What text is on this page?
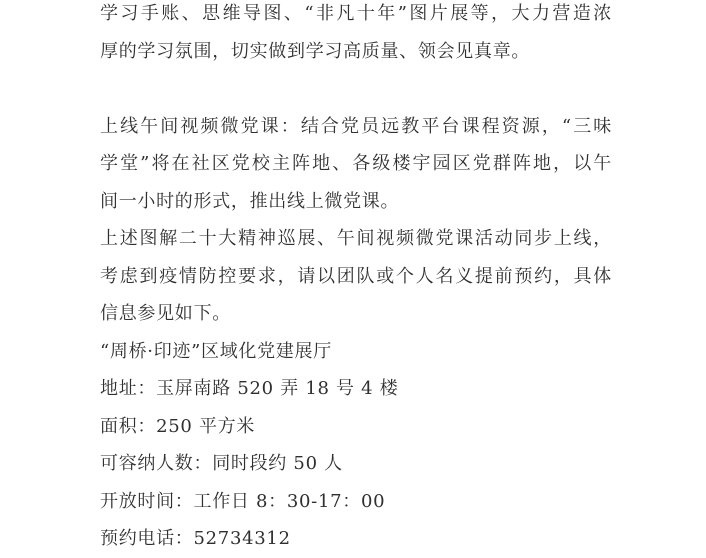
学习手账、思维导图、“非凡十年”图片展等，大力营造浓
厚的学习氛围，切实做到学习高质量、领会见真章。
上线午间视频微党课：结合党员远教平台课程资源，“三味
学堂”将在社区党校主阵地、各级楼宇园区党群阵地，以午
间一小时的形式，推出线上微党课。
上述图解二十大精神巡展、午间视频微党课活动同步上线，
考虑到疫情防控要求，请以团队或个人名义提前预约，具体
信息参见如下。
“周桥·印迹”区域化党建展厅
地址：玉屏南路 520 弄 18 号 4 楼
面积：250 平方米
可容纳人数：同时段约 50 人
开放时间：工作日 8：30-17：00
预约电话：52734312
